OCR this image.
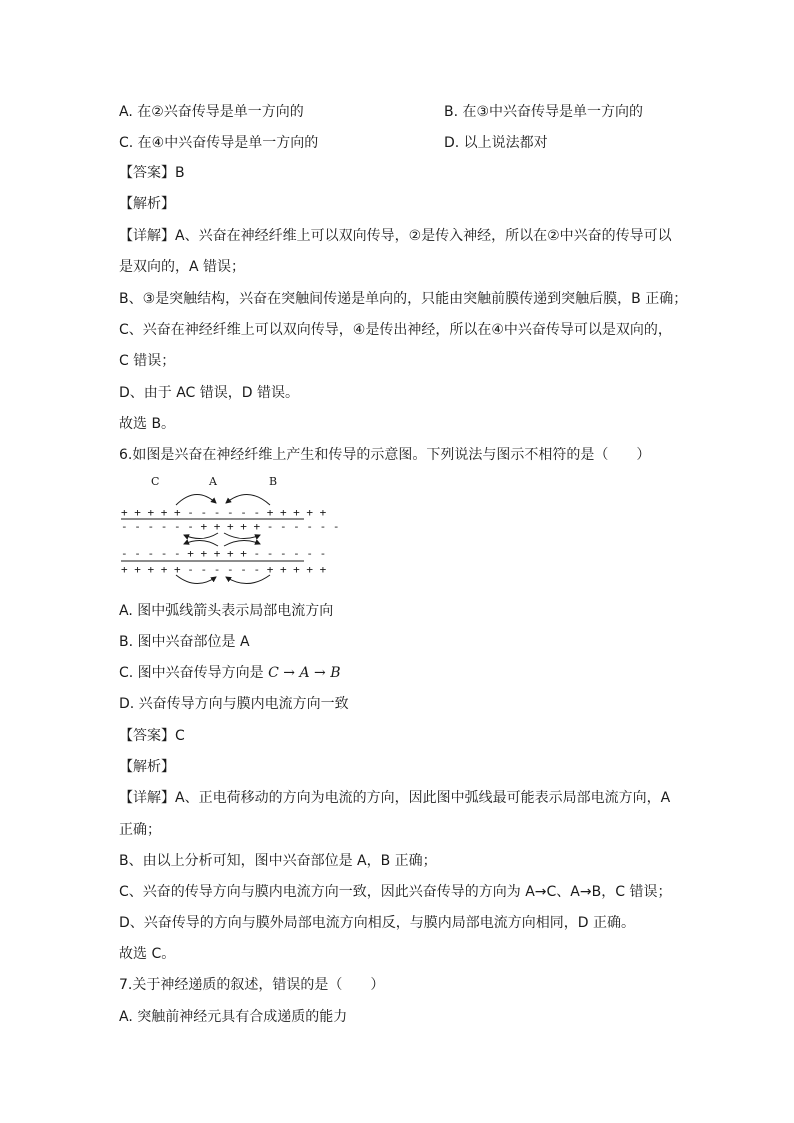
A. 在②兴奋传导是单一方向的	B. 在③中兴奋传导是单一方向的
C. 在④中兴奋传导是单一方向的	D. 以上说法都对
【答案】B
【解析】
【详解】A、兴奋在神经纤维上可以双向传导，②是传入神经，所以在②中兴奋的传导可以
是双向的，A 错误；
B、③是突触结构，兴奋在突触间传递是单向的，只能由突触前膜传递到突触后膜，B 正确；
C、兴奋在神经纤维上可以双向传导，④是传出神经，所以在④中兴奋传导可以是双向的，
C 错误；
D、由于 AC 错误，D 错误。
故选 B。
6.如图是兴奋在神经纤维上产生和传导的示意图。下列说法与图示不相符的是（　　）
C	A	B
+ + + + + - - - - - - + + + + +
- - - - - - + + + + + - - - - - -
- - - - - + + + + + - - - - - -
+ + + + + - - - - - - + + + + +
A. 图中弧线箭头表示局部电流方向
B. 图中兴奋部位是 A
C. 图中兴奋传导方向是 C → A → B
D. 兴奋传导方向与膜内电流方向一致
【答案】C
【解析】
【详解】A、正电荷移动的方向为电流的方向，因此图中弧线最可能表示局部电流方向，A
正确；
B、由以上分析可知，图中兴奋部位是 A，B 正确；
C、兴奋的传导方向与膜内电流方向一致，因此兴奋传导的方向为 A→C、A→B，C 错误；
D、兴奋传导的方向与膜外局部电流方向相反，与膜内局部电流方向相同，D 正确。
故选 C。
7.关于神经递质的叙述，错误的是（　　）
A. 突触前神经元具有合成递质的能力
